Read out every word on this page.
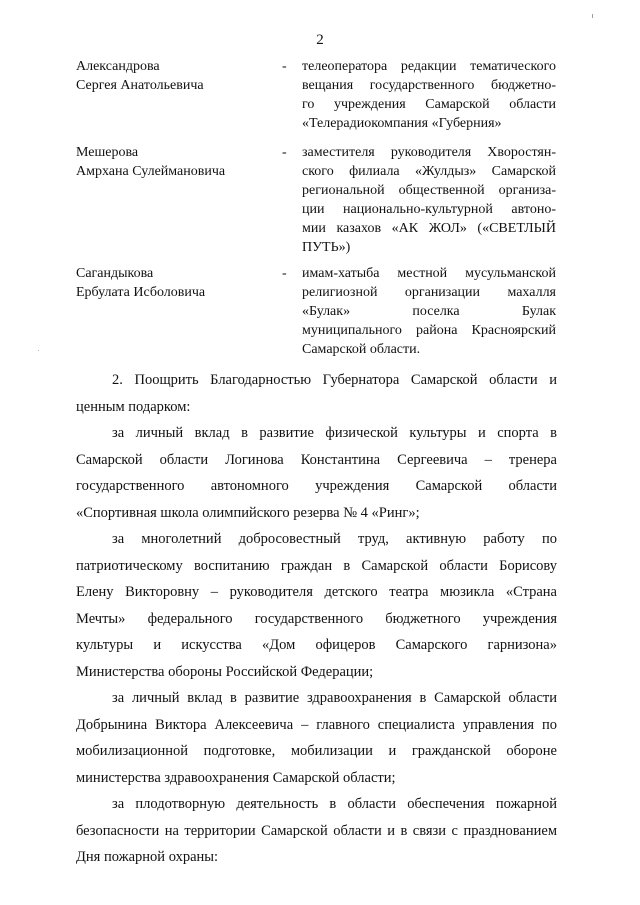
2
Александрова
Сергея Анатольевича
- телеоператора редакции тематического
вещания государственного бюджетно-
го учреждения Самарской области
«Телерадиокомпания «Губерния»
Мешерова
Амрхана Сулеймановича
- заместителя руководителя Хворостян-
ского филиала «Жулдыз» Самарской
региональной общественной организа-
ции национально-культурной автоно-
мии казахов «АК ЖОЛ» («СВЕТЛЫЙ
ПУТЬ»)
Сагандыкова
Ербулата Исболовича
- имам-хатыба местной мусульманской
религиозной организации махалля
«Булак» поселка Булак
муниципального района Красноярский
Самарской области.
2. Поощрить Благодарностью Губернатора Самарской области и
ценным подарком:
за личный вклад в развитие физической культуры и спорта в
Самарской области Логинова Константина Сергеевича – тренера
государственного автономного учреждения Самарской области
«Спортивная школа олимпийского резерва № 4 «Ринг»;
за многолетний добросовестный труд, активную работу по
патриотическому воспитанию граждан в Самарской области Борисову
Елену Викторовну – руководителя детского театра мюзикла «Страна
Мечты» федерального государственного бюджетного учреждения
культуры и искусства «Дом офицеров Самарского гарнизона»
Министерства обороны Российской Федерации;
за личный вклад в развитие здравоохранения в Самарской области
Добрынина Виктора Алексеевича – главного специалиста управления по
мобилизационной подготовке, мобилизации и гражданской обороне
министерства здравоохранения Самарской области;
за плодотворную деятельность в области обеспечения пожарной
безопасности на территории Самарской области и в связи с празднованием
Дня пожарной охраны:
